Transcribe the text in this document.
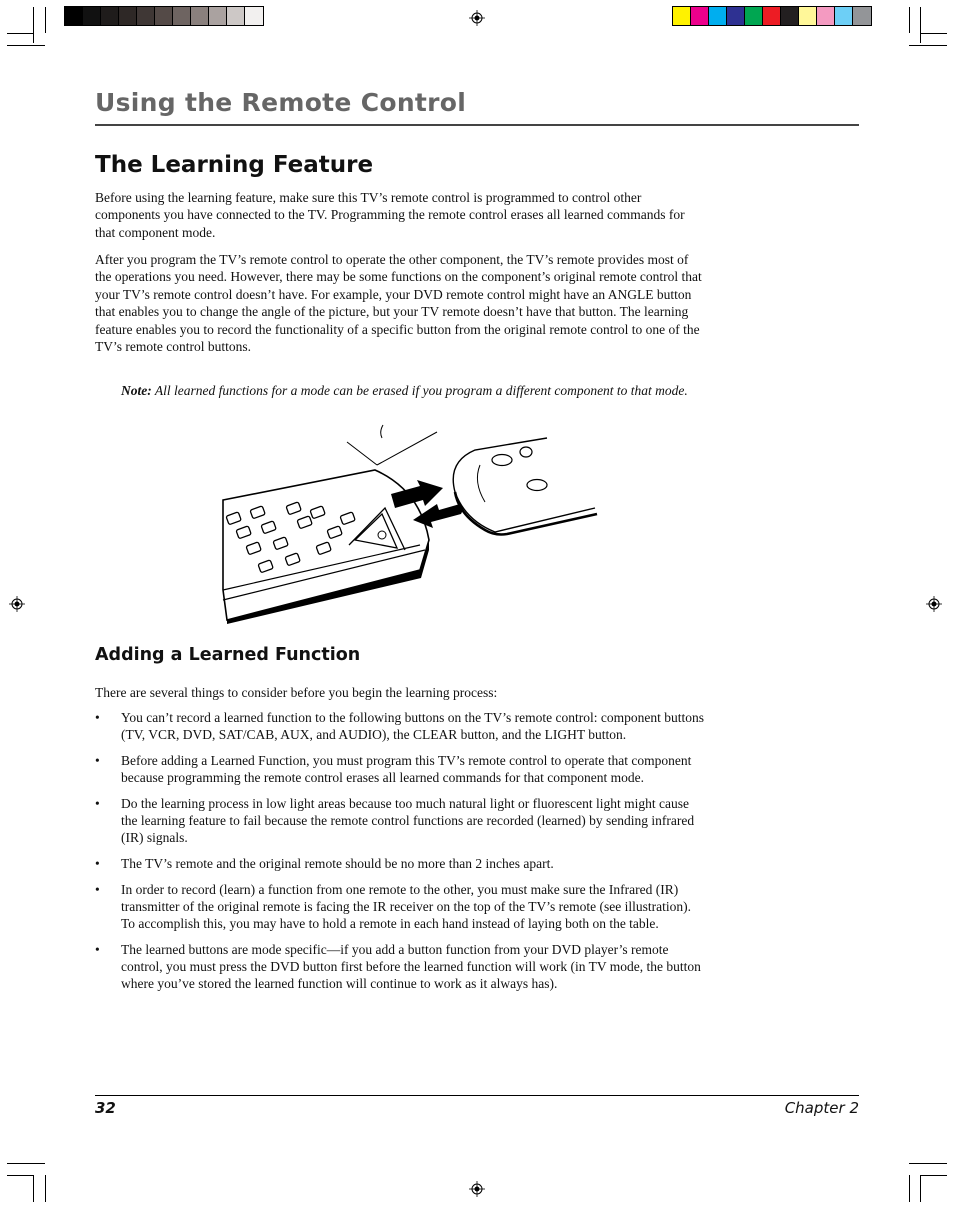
Using the Remote Control
The Learning Feature

Before using the learning feature, make sure this TV’s remote control is programmed to control other components you have connected to the TV. Programming the remote control erases all learned commands for that component mode.

After you program the TV’s remote control to operate the other component, the TV’s remote provides most of the operations you need. However, there may be some functions on the component’s original remote control that your TV’s remote control doesn’t have. For example, your DVD remote control might have an ANGLE button that enables you to change the angle of the picture, but your TV remote doesn’t have that button. The learning feature enables you to record the functionality of a specific button from the original remote control to one of the TV’s remote control buttons.

Note: All learned functions for a mode can be erased if you program a different component to that mode.

Adding a Learned Function

There are several things to consider before you begin the learning process:

• You can’t record a learned function to the following buttons on the TV’s remote control: component buttons (TV, VCR, DVD, SAT/CAB, AUX, and AUDIO), the CLEAR button, and the LIGHT button.
• Before adding a Learned Function, you must program this TV’s remote control to operate that component because programming the remote control erases all learned commands for that component mode.
• Do the learning process in low light areas because too much natural light or fluorescent light might cause the learning feature to fail because the remote control functions are recorded (learned) by sending infrared (IR) signals.
• The TV’s remote and the original remote should be no more than 2 inches apart.
• In order to record (learn) a function from one remote to the other, you must make sure the Infrared (IR) transmitter of the original remote is facing the IR receiver on the top of the TV’s remote (see illustration). To accomplish this, you may have to hold a remote in each hand instead of laying both on the table.
• The learned buttons are mode specific—if you add a button function from your DVD player’s remote control, you must press the DVD button first before the learned function will work (in TV mode, the button where you’ve stored the learned function will continue to work as it always has).
32	Chapter 2
